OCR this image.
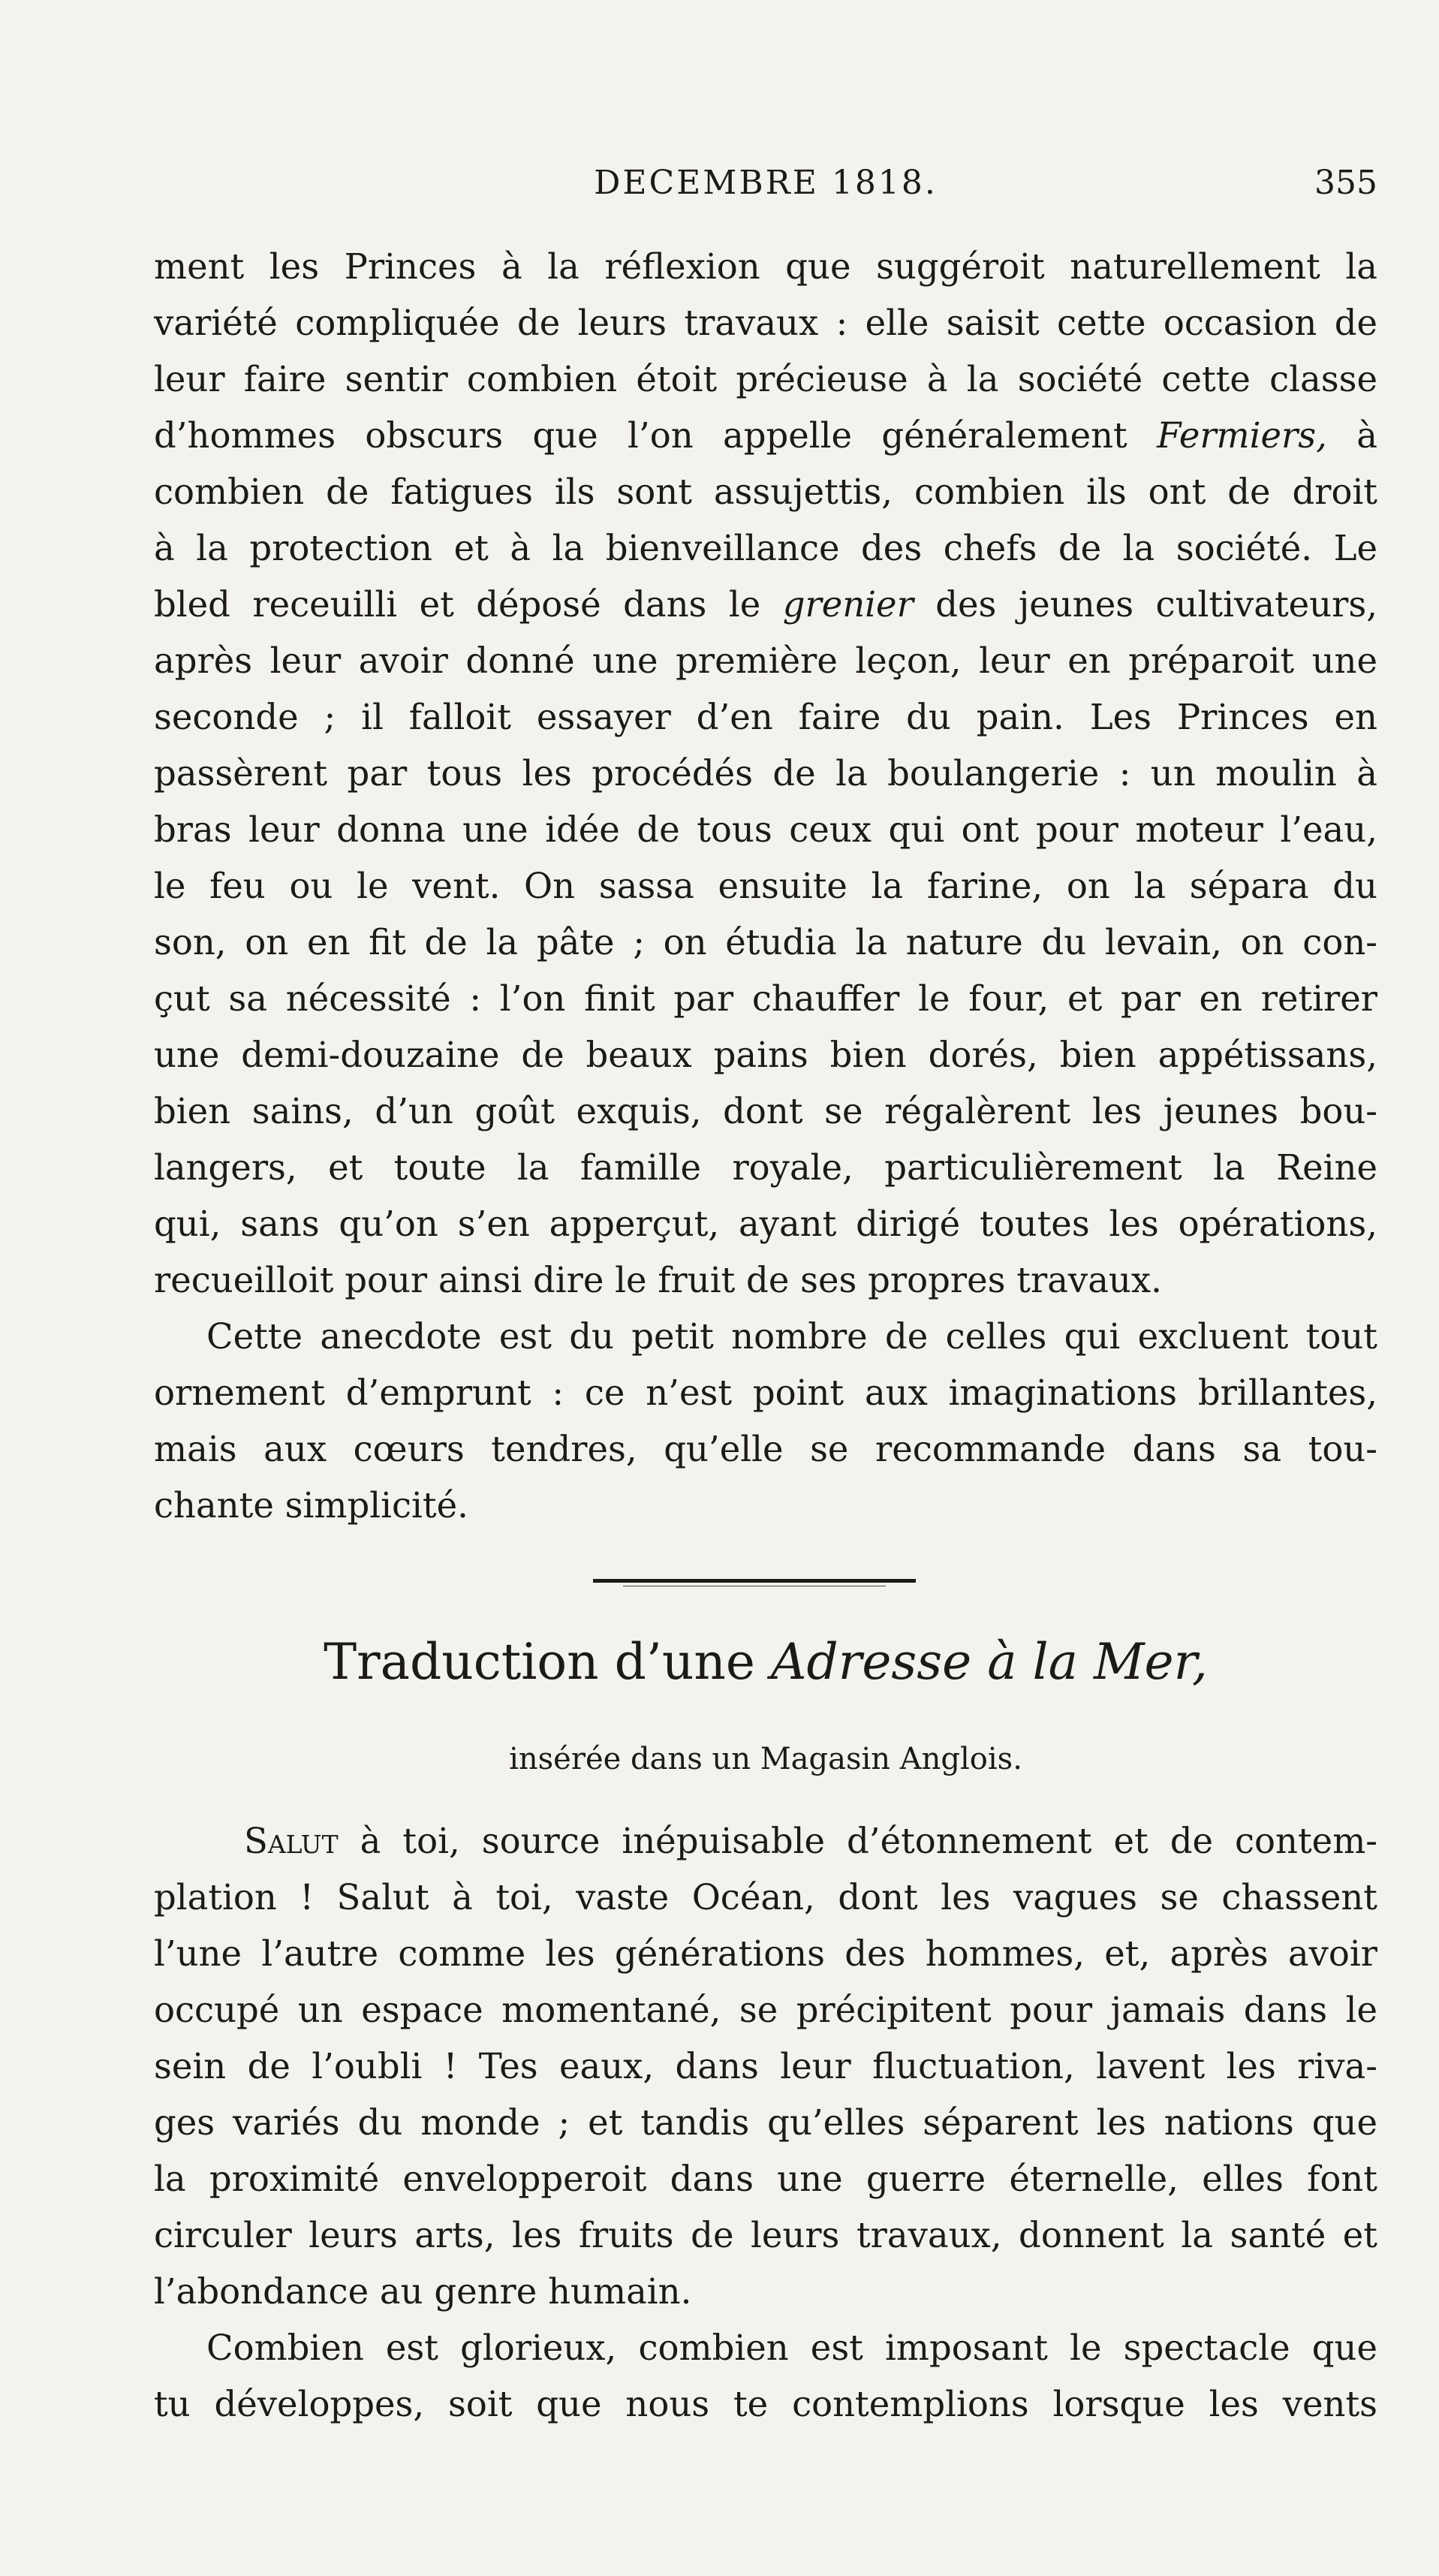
DECEMBRE 1818.	355
ment les Princes à la réflexion que suggéroit naturellement la
variété compliquée de leurs travaux : elle saisit cette occasion de
leur faire sentir combien étoit précieuse à la société cette classe
d’hommes obscurs que l’on appelle généralement Fermiers, à
combien de fatigues ils sont assujettis, combien ils ont de droit
à la protection et à la bienveillance des chefs de la société. Le
bled receuilli et déposé dans le grenier des jeunes cultivateurs,
après leur avoir donné une première leçon, leur en préparoit une
seconde ; il falloit essayer d’en faire du pain. Les Princes en
passèrent par tous les procédés de la boulangerie : un moulin à
bras leur donna une idée de tous ceux qui ont pour moteur l’eau,
le feu ou le vent. On sassa ensuite la farine, on la sépara du
son, on en fit de la pâte ; on étudia la nature du levain, on con-
çut sa nécessité : l’on finit par chauffer le four, et par en retirer
une demi-douzaine de beaux pains bien dorés, bien appétissans,
bien sains, d’un goût exquis, dont se régalèrent les jeunes bou-
langers, et toute la famille royale, particulièrement la Reine
qui, sans qu’on s’en apperçut, ayant dirigé toutes les opérations,
recueilloit pour ainsi dire le fruit de ses propres travaux.
Cette anecdote est du petit nombre de celles qui excluent tout
ornement d’emprunt : ce n’est point aux imaginations brillantes,
mais aux cœurs tendres, qu’elle se recommande dans sa tou-
chante simplicité.
Traduction d’une Adresse à la Mer,
insérée dans un Magasin Anglois.
Salut à toi, source inépuisable d’étonnement et de contem-
plation ! Salut à toi, vaste Océan, dont les vagues se chassent
l’une l’autre comme les générations des hommes, et, après avoir
occupé un espace momentané, se précipitent pour jamais dans le
sein de l’oubli ! Tes eaux, dans leur fluctuation, lavent les riva-
ges variés du monde ; et tandis qu’elles séparent les nations que
la proximité envelopperoit dans une guerre éternelle, elles font
circuler leurs arts, les fruits de leurs travaux, donnent la santé et
l’abondance au genre humain.
Combien est glorieux, combien est imposant le spectacle que
tu développes, soit que nous te contemplions lorsque les vents
